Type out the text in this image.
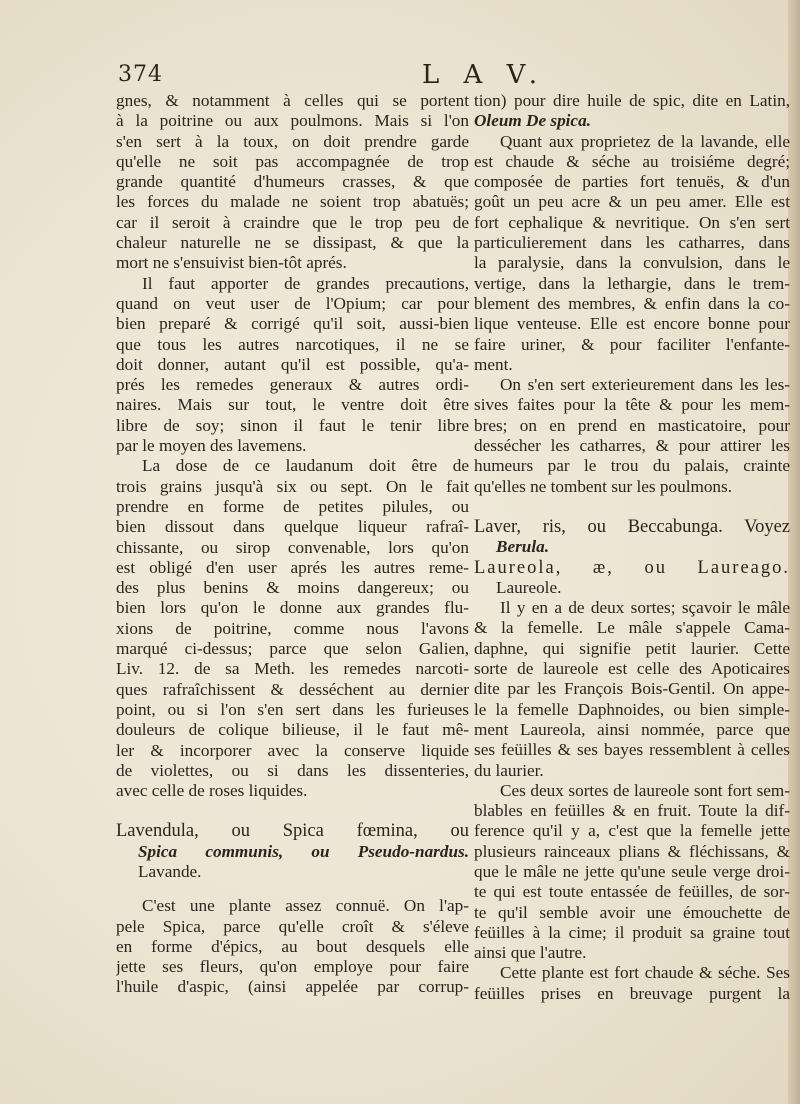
374	L A V.
gnes, & notamment à celles qui se portent
à la poitrine ou aux poulmons. Mais si l'on
s'en sert à la toux, on doit prendre garde
qu'elle ne soit pas accompagnée de trop
grande quantité d'humeurs crasses, & que
les forces du malade ne soient trop abatuës;
car il seroit à craindre que le trop peu de
chaleur naturelle ne se dissipast, & que la
mort ne s'ensuivist bien-tôt aprés.
Il faut apporter de grandes precautions,
quand on veut user de l'Opium; car pour
bien preparé & corrigé qu'il soit, aussi-bien
que tous les autres narcotiques, il ne se
doit donner, autant qu'il est possible, qu'a-
prés les remedes generaux & autres ordi-
naires. Mais sur tout, le ventre doit être
libre de soy; sinon il faut le tenir libre
par le moyen des lavemens.
La dose de ce laudanum doit être de
trois grains jusqu'à six ou sept. On le fait
prendre en forme de petites pilules, ou
bien dissout dans quelque liqueur rafraî-
chissante, ou sirop convenable, lors qu'on
est obligé d'en user aprés les autres reme-
des plus benins & moins dangereux; ou
bien lors qu'on le donne aux grandes flu-
xions de poitrine, comme nous l'avons
marqué ci-dessus; parce que selon Galien,
Liv. 12. de sa Meth. les remedes narcoti-
ques rafraîchissent & desséchent au dernier
point, ou si l'on s'en sert dans les furieuses
douleurs de colique bilieuse, il le faut mê-
ler & incorporer avec la conserve liquide
de violettes, ou si dans les dissenteries,
avec celle de roses liquides.
Lavendula, ou Spica fœmina, ou
Spica communis, ou Pseudo-nardus.
Lavande.
C'est une plante assez connuë. On l'ap-
pele Spica, parce qu'elle croît & s'éleve
en forme d'épics, au bout desquels elle
jette ses fleurs, qu'on employe pour faire
l'huile d'aspic, (ainsi appelée par corrup-
tion) pour dire huile de spic, dite en Latin,
Oleum De spica.
Quant aux proprietez de la lavande, elle
est chaude & séche au troisiéme degré;
composée de parties fort tenuës, & d'un
goût un peu acre & un peu amer. Elle est
fort cephalique & nevritique. On s'en sert
particulierement dans les catharres, dans
la paralysie, dans la convulsion, dans le
vertige, dans la lethargie, dans le trem-
blement des membres, & enfin dans la co-
lique venteuse. Elle est encore bonne pour
faire uriner, & pour faciliter l'enfante-
ment.
On s'en sert exterieurement dans les les-
sives faites pour la tête & pour les mem-
bres; on en prend en masticatoire, pour
dessécher les catharres, & pour attirer les
humeurs par le trou du palais, crainte
qu'elles ne tombent sur les poulmons.
Laver, ris, ou Beccabunga. Voyez
Berula.
Laureola, æ, ou Laureago.
Laureole.
Il y en a de deux sortes; sçavoir le mâle
& la femelle. Le mâle s'appele Cama-
daphne, qui signifie petit laurier. Cette
sorte de laureole est celle des Apoticaires
dite par les François Bois-Gentil. On appe-
le la femelle Daphnoides, ou bien simple-
ment Laureola, ainsi nommée, parce que
ses feüilles & ses bayes ressemblent à celles
du laurier.
Ces deux sortes de laureole sont fort sem-
blables en feüilles & en fruit. Toute la dif-
ference qu'il y a, c'est que la femelle jette
plusieurs rainceaux plians & fléchissans, &
que le mâle ne jette qu'une seule verge droi-
te qui est toute entassée de feüilles, de sor-
te qu'il semble avoir une émouchette de
feüilles à la cime; il produit sa graine tout
ainsi que l'autre.
Cette plante est fort chaude & séche. Ses
feüilles prises en breuvage purgent la
